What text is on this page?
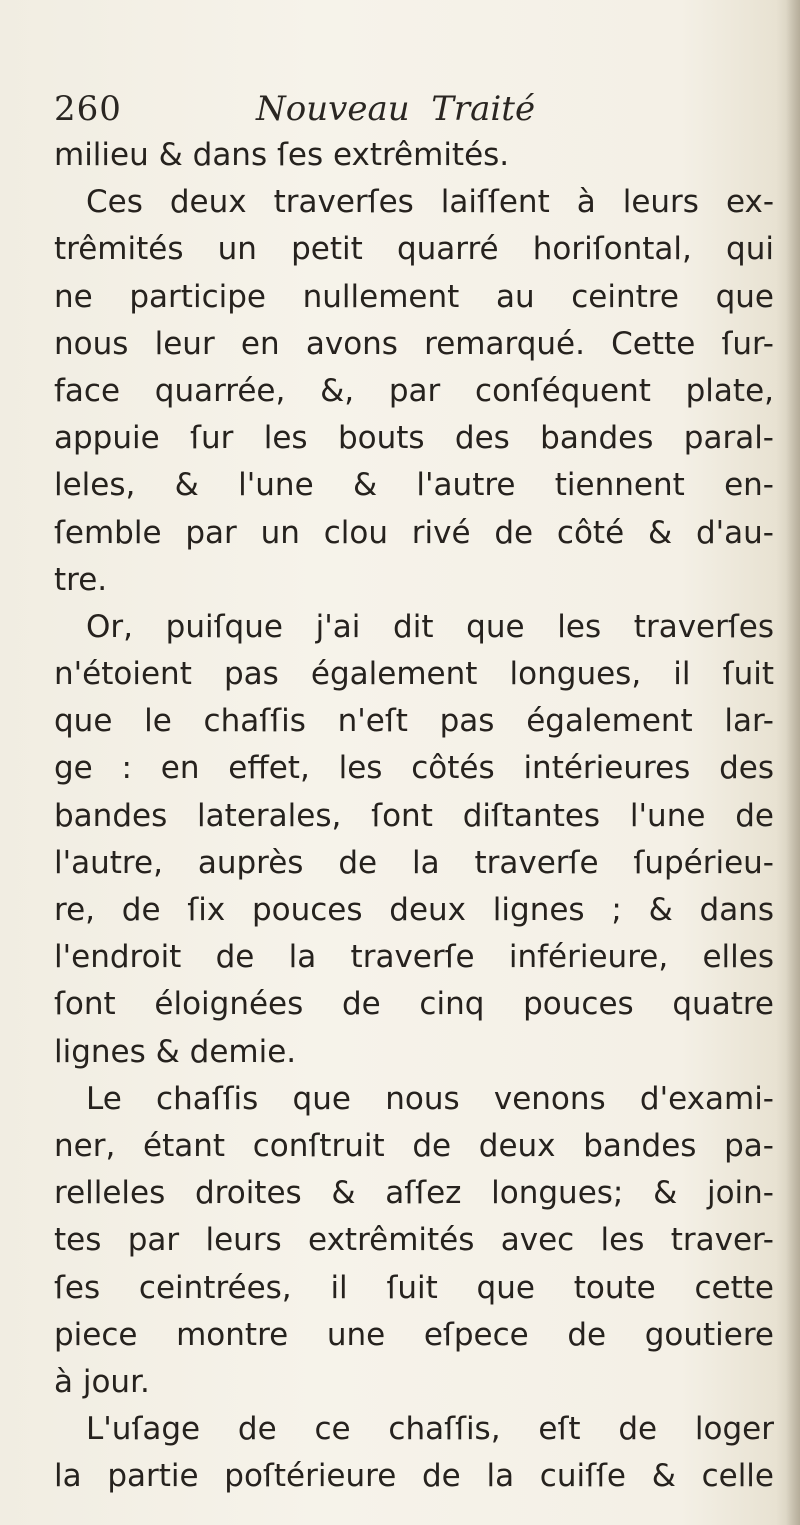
260	Nouveau  Traité
milieu & dans ſes extrêmités.
Ces deux traverſes laiſſent à leurs ex-
trêmités un petit quarré horiſontal, qui
ne participe nullement au ceintre que
nous leur en avons remarqué. Cette ſur-
face quarrée, &, par conſéquent plate,
appuie ſur les bouts des bandes paral-
leles, & l'une & l'autre tiennent en-
ſemble par un clou rivé de côté & d'au-
tre.
Or, puiſque j'ai dit que les traverſes
n'étoient pas également longues, il ſuit
que le chaſſis n'eſt pas également lar-
ge : en effet, les côtés intérieures des
bandes laterales, ſont diſtantes l'une de
l'autre, auprès de la traverſe ſupérieu-
re, de ſix pouces deux lignes ; & dans
l'endroit de la traverſe inférieure, elles
ſont éloignées de cinq pouces quatre
lignes & demie.
Le chaſſis que nous venons d'exami-
ner, étant conſtruit de deux bandes pa-
relleles droites & aſſez longues; & join-
tes par leurs extrêmités avec les traver-
ſes ceintrées, il ſuit que toute cette
piece montre une eſpece de goutiere
à jour.
L'uſage de ce chaſſis, eſt de loger
la partie poſtérieure de la cuiſſe & celle
